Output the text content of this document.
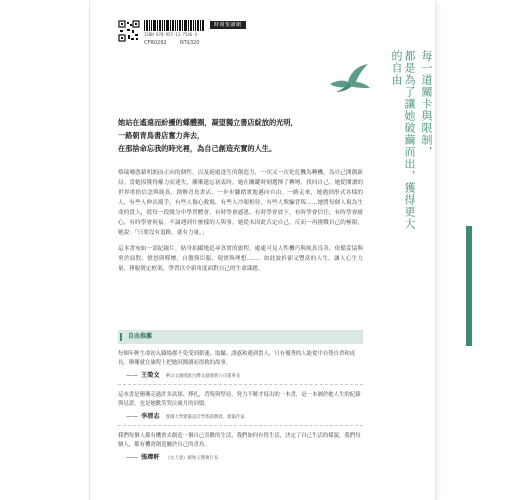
時報悅讀網
ISBN 978-957-13-7546-4
CFR0292	NT$320

她站在遙遠而紛擾的蝶體圈，凝望獨立書店綻放的光明，

一路朝青鳥書店奮力奔去，

在那捨命忘我的時光裡，為自己創造充實的人生。

蔡瑞珊憑藉明朗而正向的個性，以及絕處逢生的創造力，一次又一次化危機為轉機，為自己開創新局。當她因獲得權力而迷失，漸漸遺忘初衷時，她在關鍵時刻選擇了轉彎，找回自己。她從閱讀的世界重拾信念與純真，創辦青鳥書店，一步步腳踏實地邁向自由。一路走來，她遇到形式各樣的人，有些人伸出援手，有些人傷心救場，有些人冷眼相待，有些人欺騙背叛……她將每個人視為生命的貴人，從每一段緣分中學習體會，有時學會感恩，有時學會放下，有時學會信任，有時學會耐心，有時學會祝福。不論遇到什麼樣的人與事，她從未因此否定自己，反而一再挑戰自己的極限，她說：「只要沒有退路，就有力量。」

這本書宛如一部紀錄片，貼身拍攝她追尋真實的旅程，處處可見人性機巧與純真良善，依循妥協與勇於面對、憤怒與釋懷、自傲與臣服、現實與理想……。如此波折卻又豐富的人生，讓人心生力量，掙脫既定框架，學習以全新角度面對自己的生命課題。

自由推薦

每個年輕生命初入職場都不免受到薪速、取攝、誘惑和遇到貴人，只有優秀的人能從中自覺自省和成長。珊珊就在旅程上把她因閱讀而得救的故事。

—— 王榮文 華山文創園區台灣文創發展公司董事長

這本書是珊珊走過許多試探、掙扎，背叛與堅持，努力不解才寫出的一本書，是一本圖於她人生的紀錄與見證，也是她歡笑哭泣歲月的回憶。

—— 李清志 實踐大學建築設計學系副教授、建築作家

我們每個人都有機會去創造一個自己喜歡的生活，我們如何有得生活，決定了自己生活的樣貌，我們每個人，都有機會創造屬於自己的青鳥。

—— 張瑋軒 《女人迷》創始人暨執行長
每一道關卡與限制，
都是為了讓她破繭而出，獲得更大的自由
